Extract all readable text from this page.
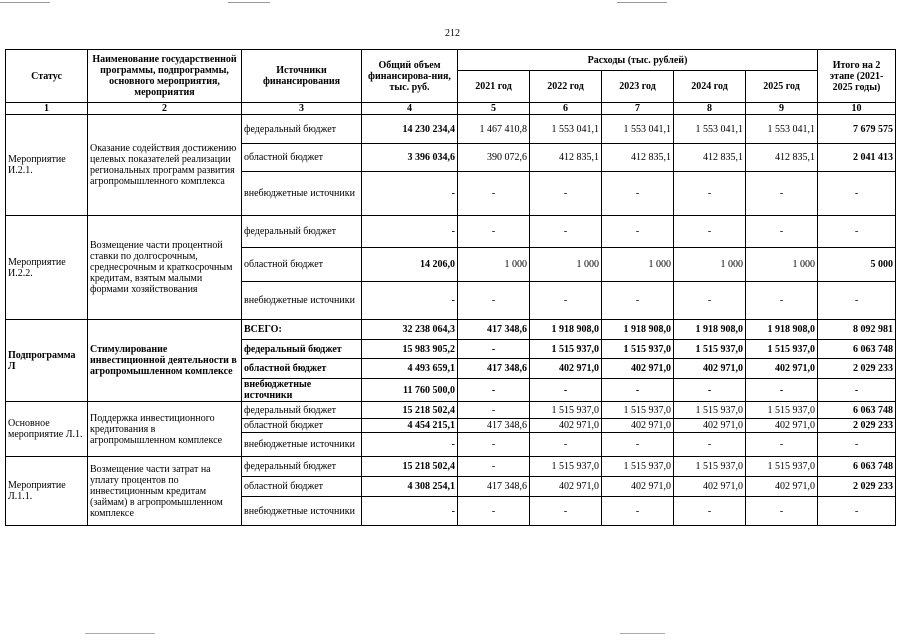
212
Статус	Наименование государственной программы, подпрограммы, основного мероприятия, мероприятия	Источники финансирования	Общий объем финансирова-ния, тыс. руб.	Расходы (тыс. рублей)					Итого на 2 этапе (2021-2025 годы)
				2021 год	2022 год	2023 год	2024 год	2025 год	
1	2	3	4	5	6	7	8	9	10
Мероприятие И.2.1.	Оказание содействия достижению целевых показателей реализации региональных программ развития агропромышленного комплекса	федеральный бюджет	14 230 234,4	1 467 410,8	1 553 041,1	1 553 041,1	1 553 041,1	1 553 041,1	7 679 575
		областной бюджет	3 396 034,6	390 072,6	412 835,1	412 835,1	412 835,1	412 835,1	2 041 413
		внебюджетные источники	-	-	-	-	-	-	-
Мероприятие И.2.2.	Возмещение части процентной ставки по долгосрочным, среднесрочным и краткосрочным кредитам, взятым малыми формами хозяйствования	федеральный бюджет	-	-	-	-	-	-	-
		областной бюджет	14 206,0	1 000	1 000	1 000	1 000	1 000	5 000
		внебюджетные источники	-	-	-	-	-	-	-
Подпрограмма Л	Стимулирование инвестиционной деятельности в агропромышленном комплексе	ВСЕГО:	32 238 064,3	417 348,6	1 918 908,0	1 918 908,0	1 918 908,0	1 918 908,0	8 092 981
		федеральный бюджет	15 983 905,2	-	1 515 937,0	1 515 937,0	1 515 937,0	1 515 937,0	6 063 748
		областной бюджет	4 493 659,1	417 348,6	402 971,0	402 971,0	402 971,0	402 971,0	2 029 233
		внебюджетные источники	11 760 500,0	-	-	-	-	-	-
Основное мероприятие Л.1.	Поддержка инвестиционного кредитования в агропромышленном комплексе	федеральный бюджет	15 218 502,4	-	1 515 937,0	1 515 937,0	1 515 937,0	1 515 937,0	6 063 748
		областной бюджет	4 454 215,1	417 348,6	402 971,0	402 971,0	402 971,0	402 971,0	2 029 233
		внебюджетные источники	-	-	-	-	-	-	-
Мероприятие Л.1.1.	Возмещение части затрат на уплату процентов по инвестиционным кредитам (займам) в агропромышленном комплексе	федеральный бюджет	15 218 502,4	-	1 515 937,0	1 515 937,0	1 515 937,0	1 515 937,0	6 063 748
		областной бюджет	4 308 254,1	417 348,6	402 971,0	402 971,0	402 971,0	402 971,0	2 029 233
		внебюджетные источники	-	-	-	-	-	-	-
